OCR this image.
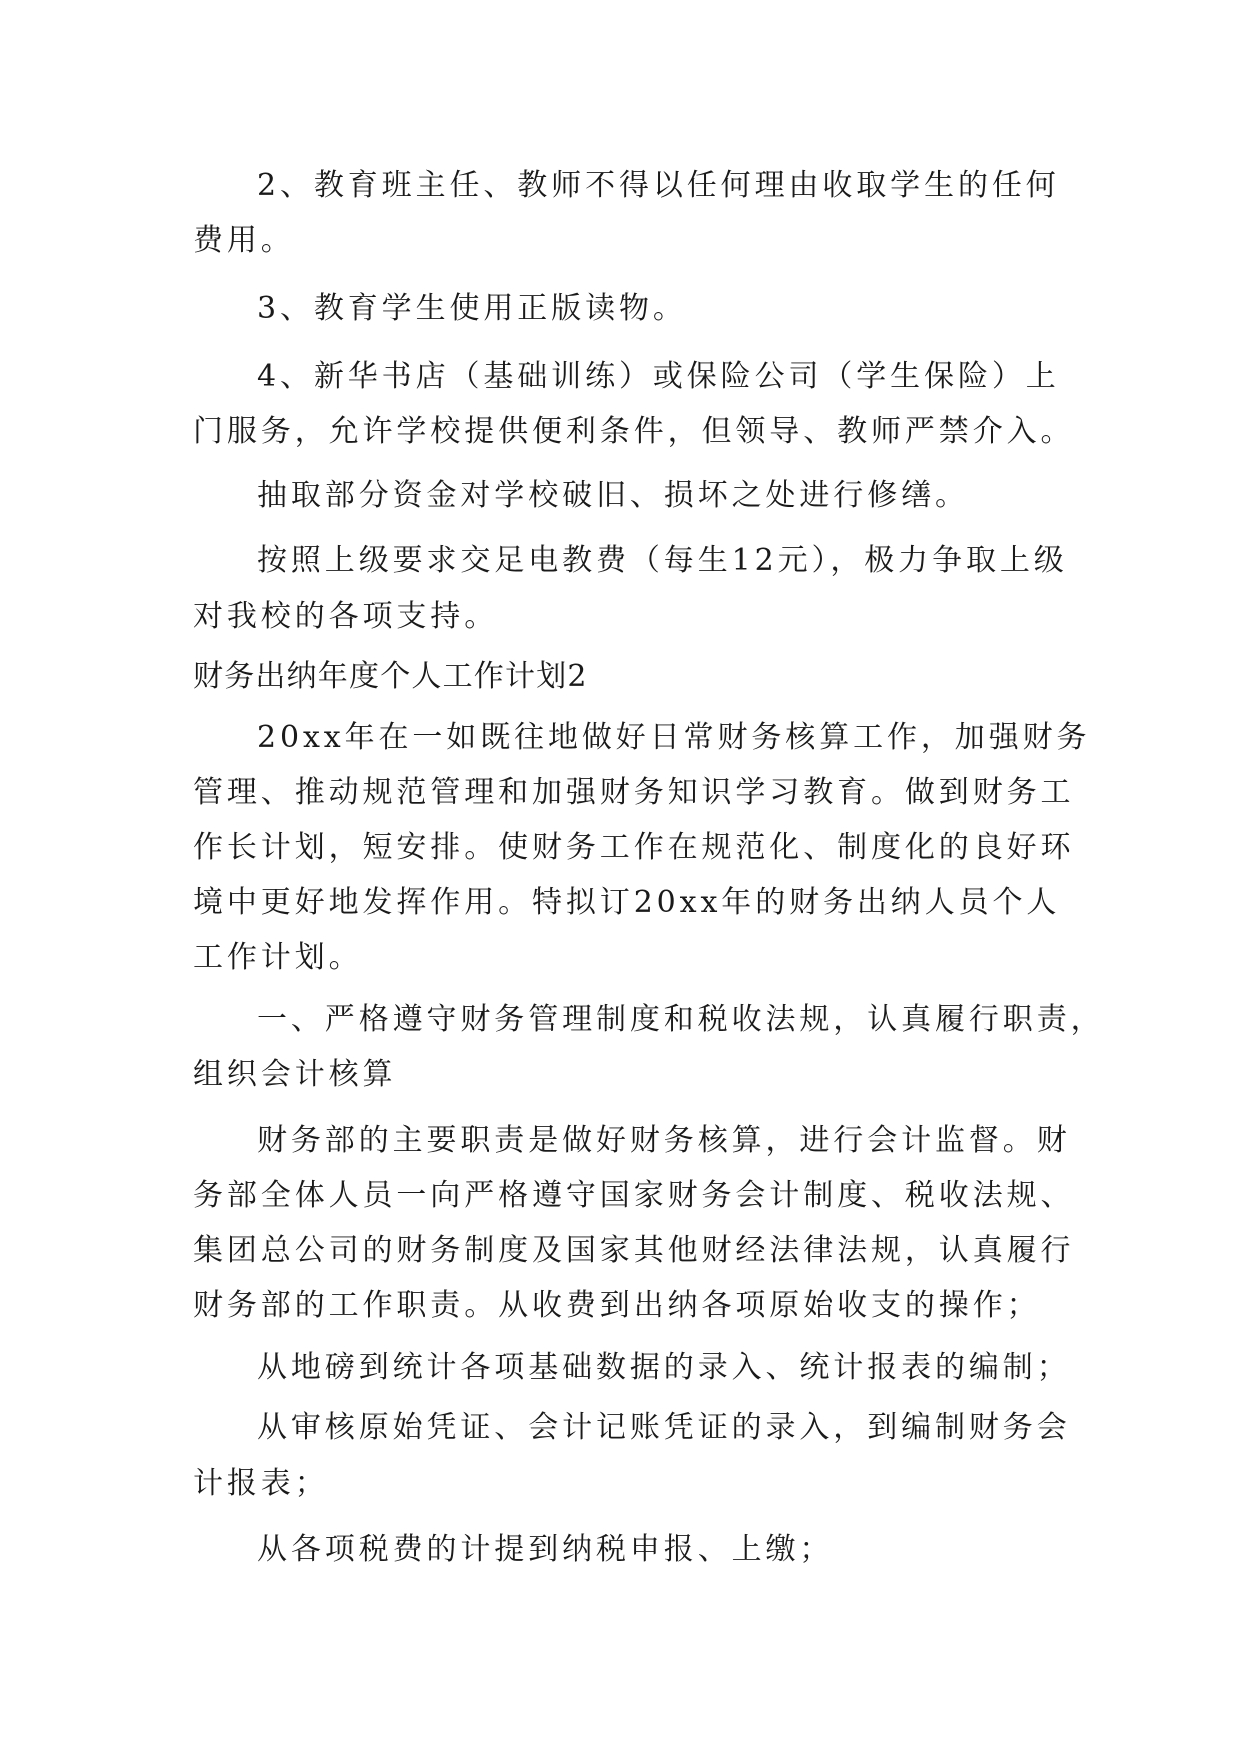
2、教育班主任、教师不得以任何理由收取学生的任何
费用。
3、教育学生使用正版读物。
4、新华书店（基础训练）或保险公司（学生保险）上
门服务，允许学校提供便利条件，但领导、教师严禁介入。
抽取部分资金对学校破旧、损坏之处进行修缮。
按照上级要求交足电教费（每生12元），极力争取上级
对我校的各项支持。
财务出纳年度个人工作计划2
20xx年在一如既往地做好日常财务核算工作，加强财务
管理、推动规范管理和加强财务知识学习教育。做到财务工
作长计划，短安排。使财务工作在规范化、制度化的良好环
境中更好地发挥作用。特拟订20xx年的财务出纳人员个人
工作计划。
一、严格遵守财务管理制度和税收法规，认真履行职责，
组织会计核算
财务部的主要职责是做好财务核算，进行会计监督。财
务部全体人员一向严格遵守国家财务会计制度、税收法规、
集团总公司的财务制度及国家其他财经法律法规，认真履行
财务部的工作职责。从收费到出纳各项原始收支的操作；
从地磅到统计各项基础数据的录入、统计报表的编制；
从审核原始凭证、会计记账凭证的录入，到编制财务会
计报表；
从各项税费的计提到纳税申报、上缴；
